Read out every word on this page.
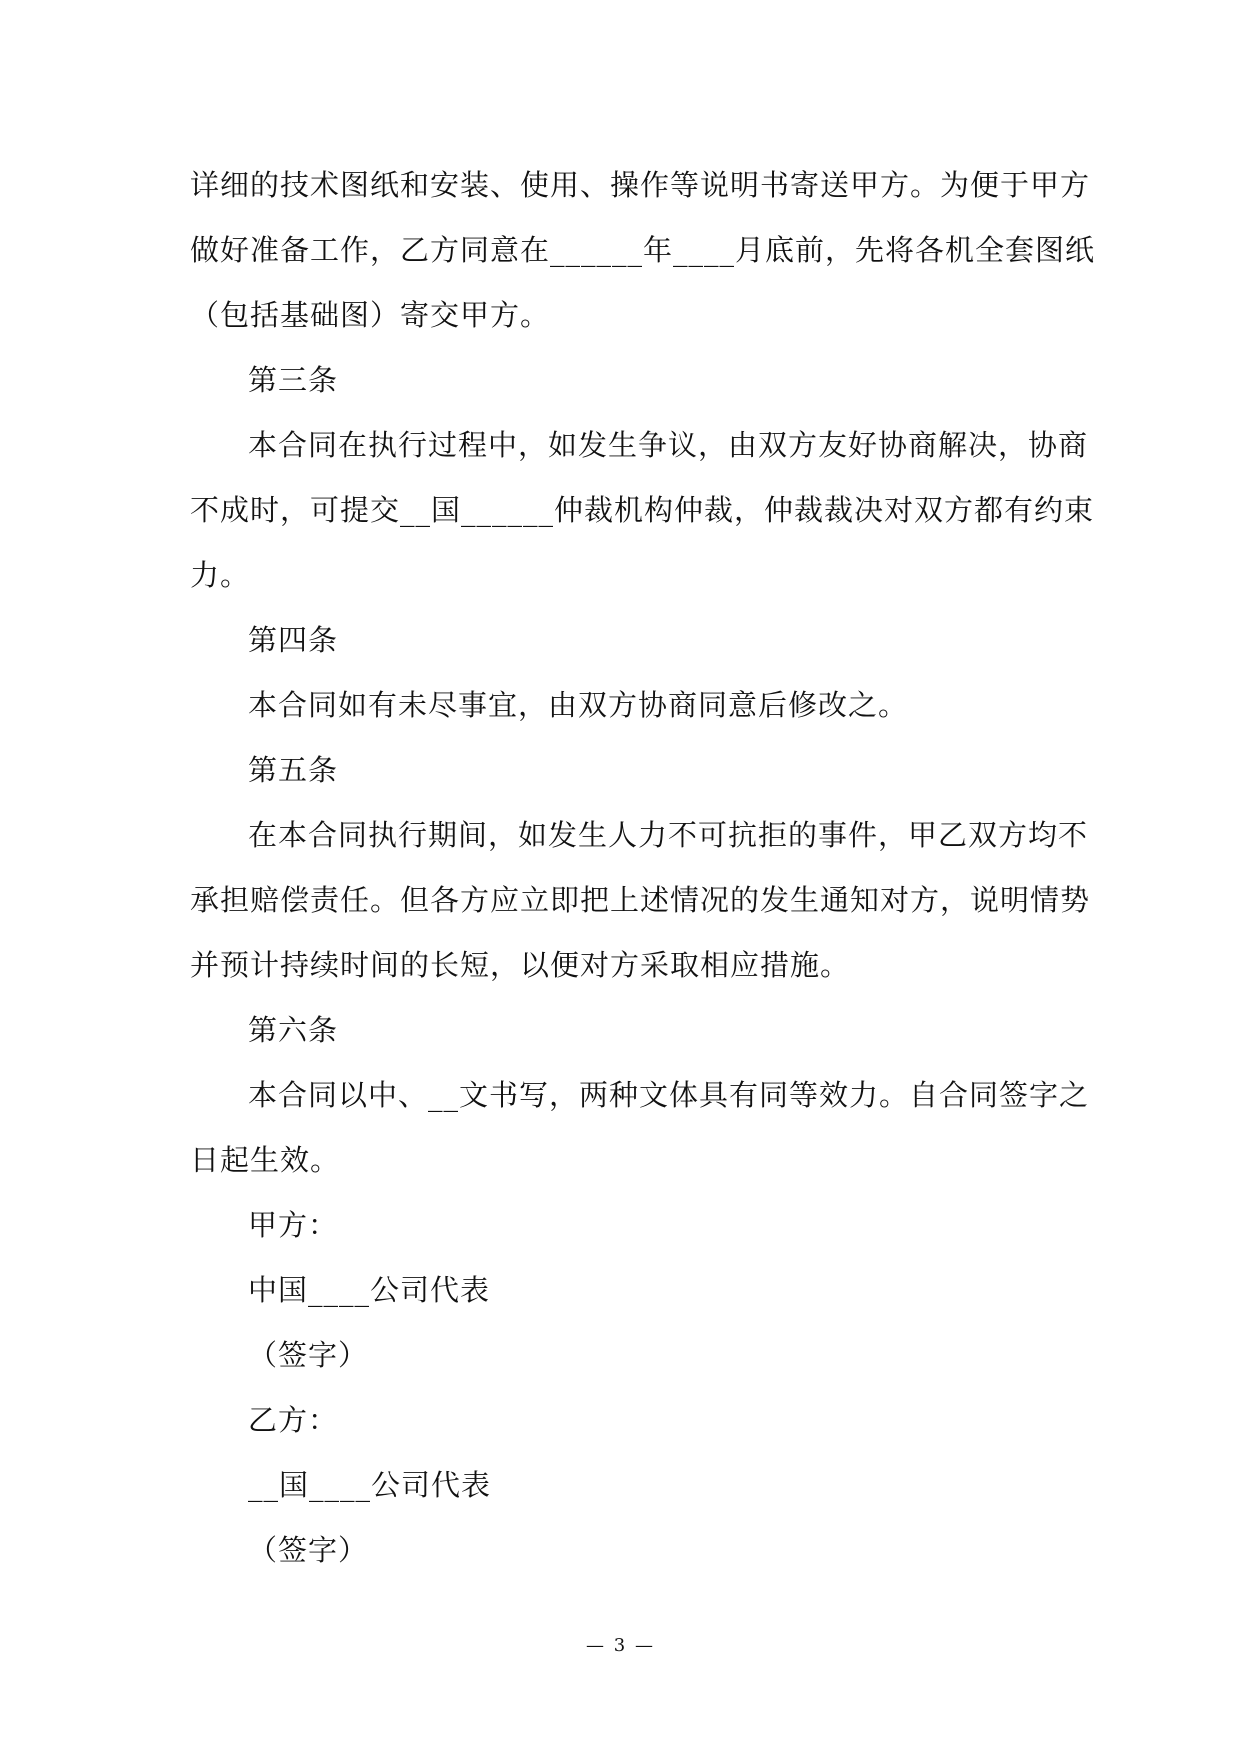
详细的技术图纸和安装、使用、操作等说明书寄送甲方。为便于甲方
做好准备工作，乙方同意在______年____月底前，先将各机全套图纸
（包括基础图）寄交甲方。
第三条
本合同在执行过程中，如发生争议，由双方友好协商解决，协商
不成时，可提交__国______仲裁机构仲裁，仲裁裁决对双方都有约束
力。
第四条
本合同如有未尽事宜，由双方协商同意后修改之。
第五条
在本合同执行期间，如发生人力不可抗拒的事件，甲乙双方均不
承担赔偿责任。但各方应立即把上述情况的发生通知对方，说明情势
并预计持续时间的长短，以便对方采取相应措施。
第六条
本合同以中、__文书写，两种文体具有同等效力。自合同签字之
日起生效。
甲方：
中国____公司代表
（签字）
乙方：
__国____公司代表
（签字）
— 3 —
